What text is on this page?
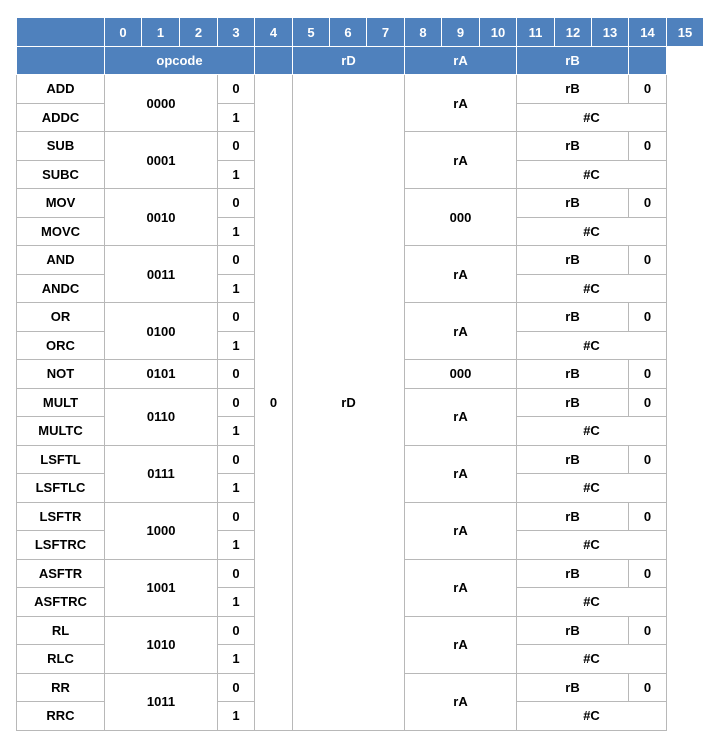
	0	1	2	3	4	5	6	7	8	9	10	11	12	13	14	15
	opcode					rD			rA			rB				
ADD	0000			0	0	rD			rA			rB			0	
ADDC				1								#C				
SUB	0001			0					rA			rB			0	
SUBC				1								#C				
MOV	0010			0					000			rB			0	
MOVC				1								#C				
AND	0011			0					rA			rB			0	
ANDC				1								#C				
OR	0100			0					rA			rB			0	
ORC				1								#C				
NOT	0101			0					000			rB			0	
MULT	0110			0					rA			rB			0	
MULTC				1								#C				
LSFTL	0111			0					rA			rB			0	
LSFTLC				1								#C				
LSFTR	1000			0					rA			rB			0	
LSFTRC				1								#C				
ASFTR	1001			0					rA			rB			0	
ASFTRC				1								#C				
RL	1010			0					rA			rB			0	
RLC				1								#C				
RR	1011			0					rA			rB			0	
RRC				1								#C				
